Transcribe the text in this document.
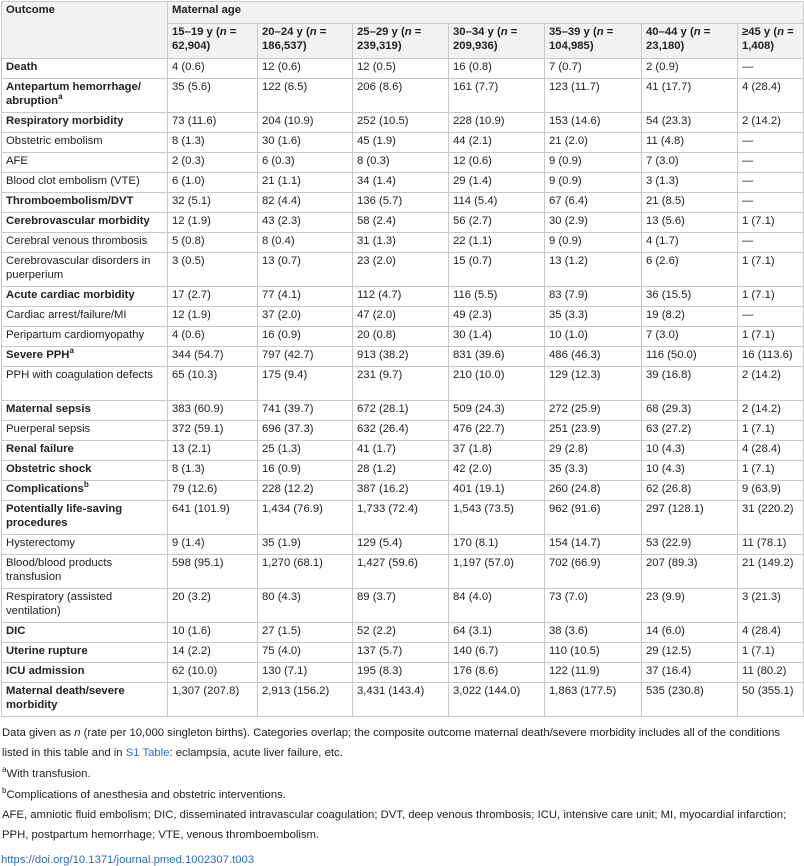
Outcome	Maternal age						
	15–19 y (n = 62,904)	20–24 y (n = 186,537)	25–29 y (n = 239,319)	30–34 y (n = 209,936)	35–39 y (n = 104,985)	40–44 y (n = 23,180)	≥45 y (n = 1,408)
Death	4 (0.6)	12 (0.6)	12 (0.5)	16 (0.8)	7 (0.7)	2 (0.9)	—
Antepartum hemorrhage/ abruption$^a$	35 (5.6)	122 (6.5)	206 (8.6)	161 (7.7)	123 (11.7)	41 (17.7)	4 (28.4)
Respiratory morbidity	73 (11.6)	204 (10.9)	252 (10.5)	228 (10.9)	153 (14.6)	54 (23.3)	2 (14.2)
Obstetric embolism	8 (1.3)	30 (1.6)	45 (1.9)	44 (2.1)	21 (2.0)	11 (4.8)	—
AFE	2 (0.3)	6 (0.3)	8 (0.3)	12 (0.6)	9 (0.9)	7 (3.0)	—
Blood clot embolism (VTE)	6 (1.0)	21 (1.1)	34 (1.4)	29 (1.4)	9 (0.9)	3 (1.3)	—
Thromboembolism/DVT	32 (5.1)	82 (4.4)	136 (5.7)	114 (5.4)	67 (6.4)	21 (8.5)	—
Cerebrovascular morbidity	12 (1.9)	43 (2.3)	58 (2.4)	56 (2.7)	30 (2.9)	13 (5.6)	1 (7.1)
Cerebral venous thrombosis	5 (0.8)	8 (0.4)	31 (1.3)	22 (1.1)	9 (0.9)	4 (1.7)	—
Cerebrovascular disorders in puerperium	3 (0.5)	13 (0.7)	23 (2.0)	15 (0.7)	13 (1.2)	6 (2.6)	1 (7.1)
Acute cardiac morbidity	17 (2.7)	77 (4.1)	112 (4.7)	116 (5.5)	83 (7.9)	36 (15.5)	1 (7.1)
Cardiac arrest/failure/MI	12 (1.9)	37 (2.0)	47 (2.0)	49 (2.3)	35 (3.3)	19 (8.2)	—
Peripartum cardiomyopathy	4 (0.6)	16 (0.9)	20 (0.8)	30 (1.4)	10 (1.0)	7 (3.0)	1 (7.1)
Severe PPH$^a$	344 (54.7)	797 (42.7)	913 (38.2)	831 (39.6)	486 (46.3)	116 (50.0)	16 (113.6)
PPH with coagulation defects	65 (10.3)	175 (9.4)	231 (9.7)	210 (10.0)	129 (12.3)	39 (16.8)	2 (14.2)
Maternal sepsis	383 (60.9)	741 (39.7)	672 (28.1)	509 (24.3)	272 (25.9)	68 (29.3)	2 (14.2)
Puerperal sepsis	372 (59.1)	696 (37.3)	632 (26.4)	476 (22.7)	251 (23.9)	63 (27.2)	1 (7.1)
Renal failure	13 (2.1)	25 (1.3)	41 (1.7)	37 (1.8)	29 (2.8)	10 (4.3)	4 (28.4)
Obstetric shock	8 (1.3)	16 (0.9)	28 (1.2)	42 (2.0)	35 (3.3)	10 (4.3)	1 (7.1)
Complications$^b$	79 (12.6)	228 (12.2)	387 (16.2)	401 (19.1)	260 (24.8)	62 (26.8)	9 (63.9)
Potentially life-saving procedures	641 (101.9)	1,434 (76.9)	1,733 (72.4)	1,543 (73.5)	962 (91.6)	297 (128.1)	31 (220.2)
Hysterectomy	9 (1.4)	35 (1.9)	129 (5.4)	170 (8.1)	154 (14.7)	53 (22.9)	11 (78.1)
Blood/blood products transfusion	598 (95.1)	1,270 (68.1)	1,427 (59.6)	1,197 (57.0)	702 (66.9)	207 (89.3)	21 (149.2)
Respiratory (assisted ventilation)	20 (3.2)	80 (4.3)	89 (3.7)	84 (4.0)	73 (7.0)	23 (9.9)	3 (21.3)
DIC	10 (1.6)	27 (1.5)	52 (2.2)	64 (3.1)	38 (3.6)	14 (6.0)	4 (28.4)
Uterine rupture	14 (2.2)	75 (4.0)	137 (5.7)	140 (6.7)	110 (10.5)	29 (12.5)	1 (7.1)
ICU admission	62 (10.0)	130 (7.1)	195 (8.3)	176 (8.6)	122 (11.9)	37 (16.4)	11 (80.2)
Maternal death/severe morbidity	1,307 (207.8)	2,913 (156.2)	3,431 (143.4)	3,022 (144.0)	1,863 (177.5)	535 (230.8)	50 (355.1)

Data given as n (rate per 10,000 singleton births). Categories overlap; the composite outcome maternal death/severe morbidity includes all of the conditions listed in this table and in S1 Table: eclampsia, acute liver failure, etc.

$^a$With transfusion.

$^b$Complications of anesthesia and obstetric interventions.

AFE, amniotic fluid embolism; DIC, disseminated intravascular coagulation; DVT, deep venous thrombosis; ICU, intensive care unit; MI, myocardial infarction; PPH, postpartum hemorrhage; VTE, venous thromboembolism.

https://doi.org/10.1371/journal.pmed.1002307.t003
